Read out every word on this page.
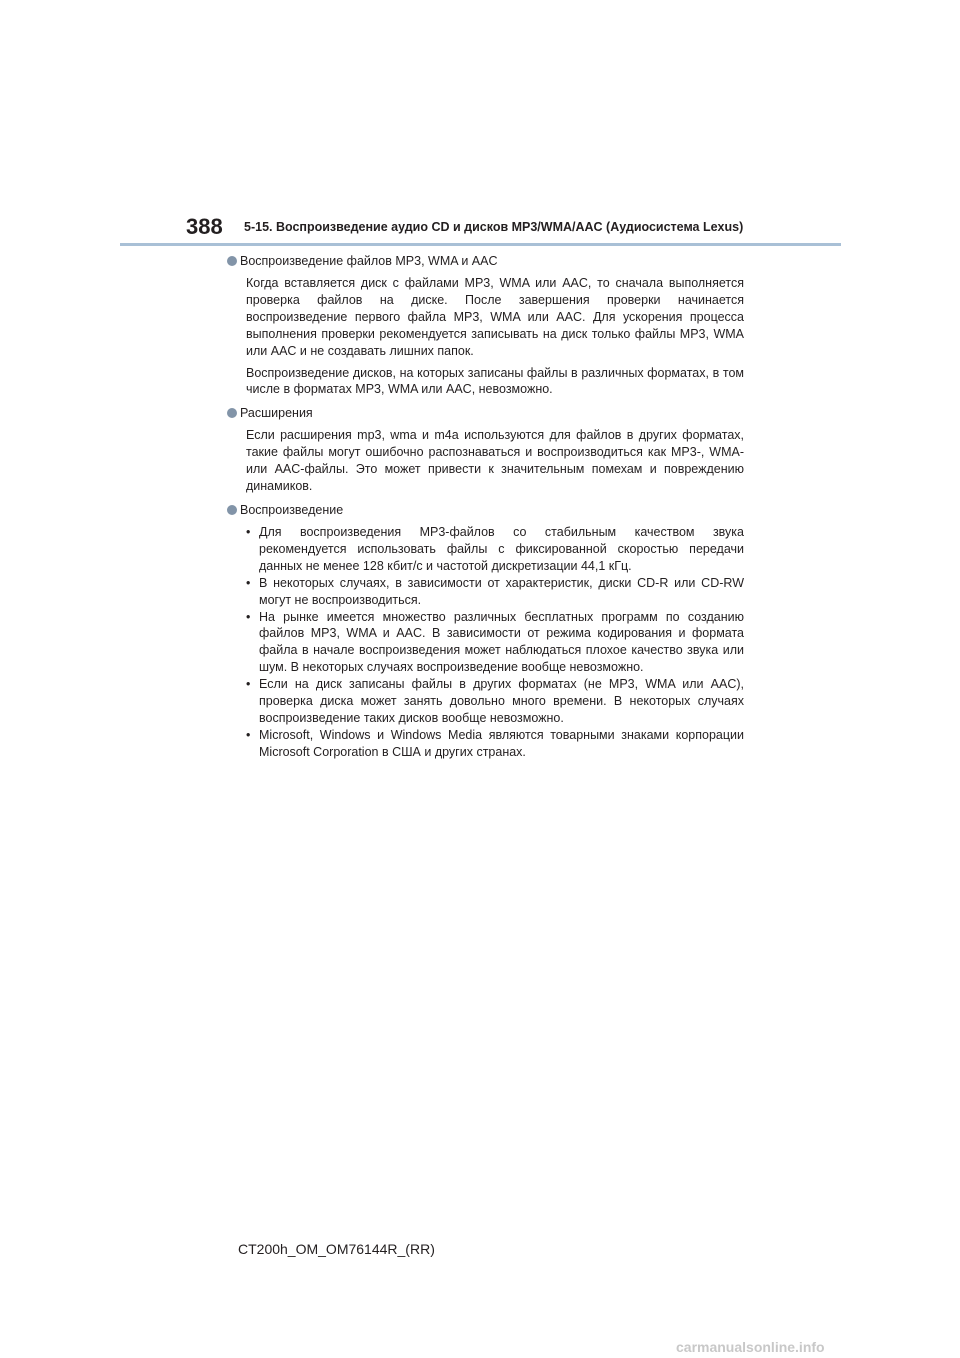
388 5-15. Воспроизведение аудио CD и дисков MP3/WMA/AAC (Аудиосистема Lexus)
Воспроизведение файлов MP3, WMA и AAC
Когда вставляется диск с файлами MP3, WMA или AAC, то сначала выполняется проверка файлов на диске. После завершения проверки начинается воспроизведение первого файла MP3, WMA или AAC. Для ускорения процесса выполнения проверки рекомендуется записывать на диск только файлы MP3, WMA или AAC и не создавать лишних папок.
Воспроизведение дисков, на которых записаны файлы в различных форматах, в том числе в форматах MP3, WMA или AAC, невозможно.
Расширения
Если расширения mp3, wma и m4a используются для файлов в других форматах, такие файлы могут ошибочно распознаваться и воспроизводиться как MP3-, WMA- или AAC-файлы. Это может привести к значительным помехам и повреждению динамиков.
Воспроизведение
• Для воспроизведения MP3-файлов со стабильным качеством звука рекомендуется использовать файлы с фиксированной скоростью передачи данных не менее 128 кбит/с и частотой дискретизации 44,1 кГц.
• В некоторых случаях, в зависимости от характеристик, диски CD-R или CD-RW могут не воспроизводиться.
• На рынке имеется множество различных бесплатных программ по созданию файлов MP3, WMA и AAC. В зависимости от режима кодирования и формата файла в начале воспроизведения может наблюдаться плохое качество звука или шум. В некоторых случаях воспроизведение вообще невозможно.
• Если на диск записаны файлы в других форматах (не MP3, WMA или AAC), проверка диска может занять довольно много времени. В некоторых случаях воспроизведение таких дисков вообще невозможно.
• Microsoft, Windows и Windows Media являются товарными знаками корпорации Microsoft Corporation в США и других странах.
CT200h_OM_OM76144R_(RR)
carmanualsonline.info
